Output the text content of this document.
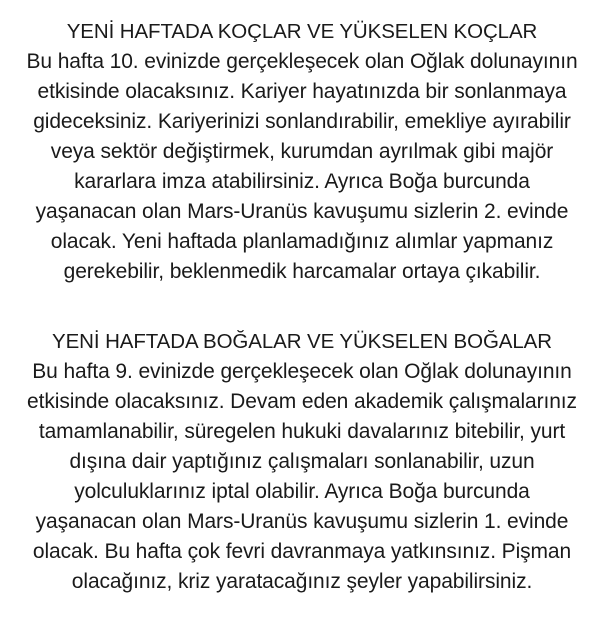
YENİ HAFTADA KOÇLAR VE YÜKSELEN KOÇLAR
Bu hafta 10. evinizde gerçekleşecek olan Oğlak dolunayının
etkisinde olacaksınız. Kariyer hayatınızda bir sonlanmaya
gideceksiniz. Kariyerinizi sonlandırabilir, emekliye ayırabilir
veya sektör değiştirmek, kurumdan ayrılmak gibi majör
kararlara imza atabilirsiniz. Ayrıca Boğa burcunda
yaşanacan olan Mars-Uranüs kavuşumu sizlerin 2. evinde
olacak. Yeni haftada planlamadığınız alımlar yapmanız
gerekebilir, beklenmedik harcamalar ortaya çıkabilir.
YENİ HAFTADA BOĞALAR VE YÜKSELEN BOĞALAR
Bu hafta 9. evinizde gerçekleşecek olan Oğlak dolunayının
etkisinde olacaksınız. Devam eden akademik çalışmalarınız
tamamlanabilir, süregelen hukuki davalarınız bitebilir, yurt
dışına dair yaptığınız çalışmaları sonlanabilir, uzun
yolculuklarınız iptal olabilir. Ayrıca Boğa burcunda
yaşanacan olan Mars-Uranüs kavuşumu sizlerin 1. evinde
olacak. Bu hafta çok fevri davranmaya yatkınsınız. Pişman
olacağınız, kriz yaratacağınız şeyler yapabilirsiniz.
